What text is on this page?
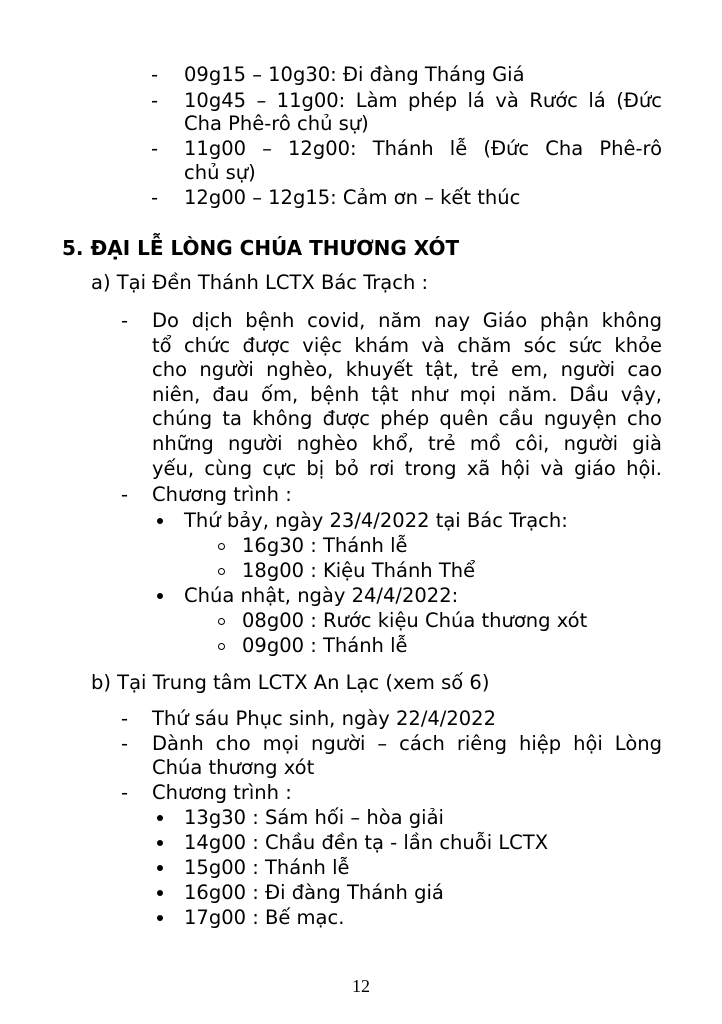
- 09g15 – 10g30: Đi đàng Tháng Giá
- 10g45 – 11g00: Làm phép lá và Rước lá (Đức
Cha Phê-rô chủ sự)
- 11g00 – 12g00: Thánh lễ (Đức Cha Phê-rô
chủ sự)
- 12g00 – 12g15: Cảm ơn – kết thúc
5. ĐẠI LỄ LÒNG CHÚA THƯƠNG XÓT
a) Tại Đền Thánh LCTX Bác Trạch :
- Do dịch bệnh covid, năm nay Giáo phận không
tổ chức được việc khám và chăm sóc sức khỏe
cho người nghèo, khuyết tật, trẻ em, người cao
niên, đau ốm, bệnh tật như mọi năm. Dầu vậy,
chúng ta không được phép quên cầu nguyện cho
những người nghèo khổ, trẻ mồ côi, người già
yếu, cùng cực bị bỏ rơi trong xã hội và giáo hội.
- Chương trình :
Thứ bảy, ngày 23/4/2022 tại Bác Trạch:
16g30 : Thánh lễ
18g00 : Kiệu Thánh Thể
Chúa nhật, ngày 24/4/2022:
08g00 : Rước kiệu Chúa thương xót
09g00 : Thánh lễ
b) Tại Trung tâm LCTX An Lạc (xem số 6)
- Thứ sáu Phục sinh, ngày 22/4/2022
- Dành cho mọi người – cách riêng hiệp hội Lòng
Chúa thương xót
- Chương trình :
13g30 : Sám hối – hòa giải
14g00 : Chầu đền tạ - lần chuỗi LCTX
15g00 : Thánh lễ
16g00 : Đi đàng Thánh giá
17g00 : Bế mạc.
12
